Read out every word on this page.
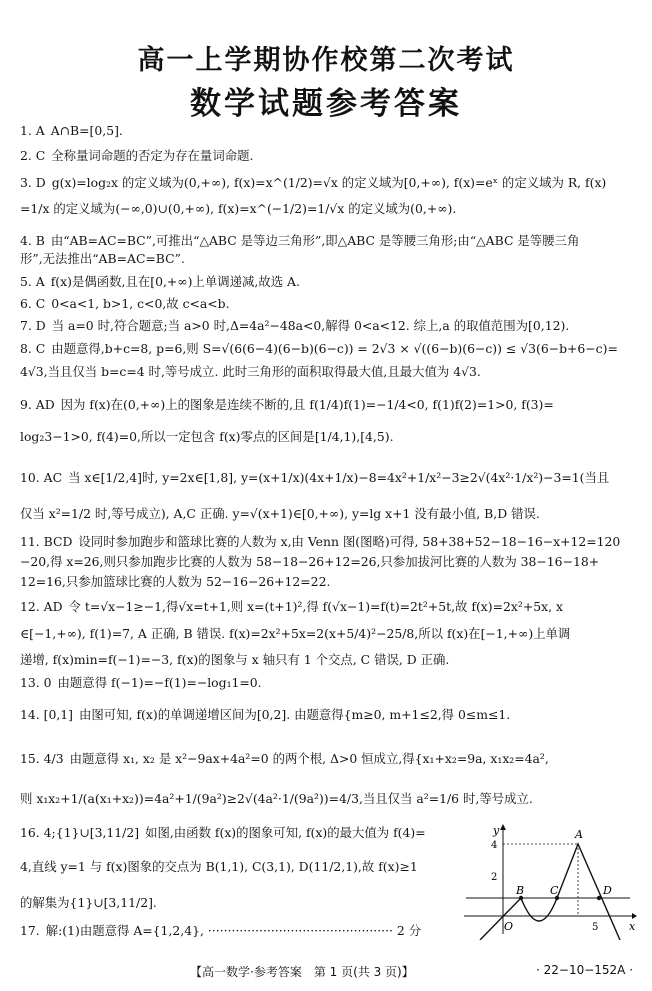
高一上学期协作校第二次考试
数学试题参考答案
1. A A∩B=[0,5].
2. C 全称量词命题的否定为存在量词命题.
3. D g(x)=log₂x 的定义域为(0,+∞), f(x)=x^(1/2)=√x 的定义域为[0,+∞), f(x)=eˣ 的定义域为 R, f(x)
=1/x 的定义域为(−∞,0)∪(0,+∞), f(x)=x^(−1/2)=1/√x 的定义域为(0,+∞).
4. B 由“AB=AC=BC”,可推出“△ABC 是等边三角形”,即△ABC 是等腰三角形;由“△ABC 是等腰三角
形”,无法推出“AB=AC=BC”.
5. A f(x)是偶函数,且在[0,+∞)上单调递减,故选 A.
6. C 0<a<1, b>1, c<0,故 c<a<b.
7. D 当 a=0 时,符合题意;当 a>0 时,Δ=4a²−48a<0,解得 0<a<12. 综上,a 的取值范围为[0,12).
8. C 由题意得,b+c=8, p=6,则 S=√(6(6−4)(6−b)(6−c)) = 2√3 × √((6−b)(6−c)) ≤ √3(6−b+6−c)=
4√3,当且仅当 b=c=4 时,等号成立. 此时三角形的面积取得最大值,且最大值为 4√3.
9. AD 因为 f(x)在(0,+∞)上的图象是连续不断的,且 f(1/4)f(1)=−1/4<0, f(1)f(2)=1>0, f(3)=
log₂3−1>0, f(4)=0,所以一定包含 f(x)零点的区间是[1/4,1),[4,5).
10. AC 当 x∈[1/2,4]时, y=2x∈[1,8], y=(x+1/x)(4x+1/x)−8=4x²+1/x²−3≥2√(4x²·1/x²)−3=1(当且
仅当 x²=1/2 时,等号成立), A,C 正确. y=√(x+1)∈[0,+∞), y=lg x+1 没有最小值, B,D 错误.
11. BCD 设同时参加跑步和篮球比赛的人数为 x,由 Venn 图(图略)可得, 58+38+52−18−16−x+12=120
−20,得 x=26,则只参加跑步比赛的人数为 58−18−26+12=26,只参加拔河比赛的人数为 38−16−18+
12=16,只参加篮球比赛的人数为 52−16−26+12=22.
12. AD 令 t=√x−1≥−1,得√x=t+1,则 x=(t+1)²,得 f(√x−1)=f(t)=2t²+5t,故 f(x)=2x²+5x, x
∈[−1,+∞), f(1)=7, A 正确, B 错误. f(x)=2x²+5x=2(x+5/4)²−25/8,所以 f(x)在[−1,+∞)上单调
递增, f(x)min=f(−1)=−3, f(x)的图象与 x 轴只有 1 个交点, C 错误, D 正确.
13. 0 由题意得 f(−1)=−f(1)=−log₁1=0.
14. [0,1] 由图可知, f(x)的单调递增区间为[0,2]. 由题意得{m≥0, m+1≤2,得 0≤m≤1.
15. 4/3 由题意得 x₁, x₂ 是 x²−9ax+4a²=0 的两个根, Δ>0 恒成立,得{x₁+x₂=9a, x₁x₂=4a²,
则 x₁x₂+1/(a(x₁+x₂))=4a²+1/(9a²)≥2√(4a²·1/(9a²))=4/3,当且仅当 a²=1/6 时,等号成立.
16. 4;{1}∪[3,11/2] 如图,由函数 f(x)的图象可知, f(x)的最大值为 f(4)=
4,直线 y=1 与 f(x)图象的交点为 B(1,1), C(3,1), D(11/2,1),故 f(x)≥1
的解集为{1}∪[3,11/2].
17. 解:(1)由题意得 A={1,2,4}, ··············································· 2 分
y
x
O
A
B C	D
4
2
5
【高一数学·参考答案　第 1 页(共 3 页)】	· 22−10−152A ·
